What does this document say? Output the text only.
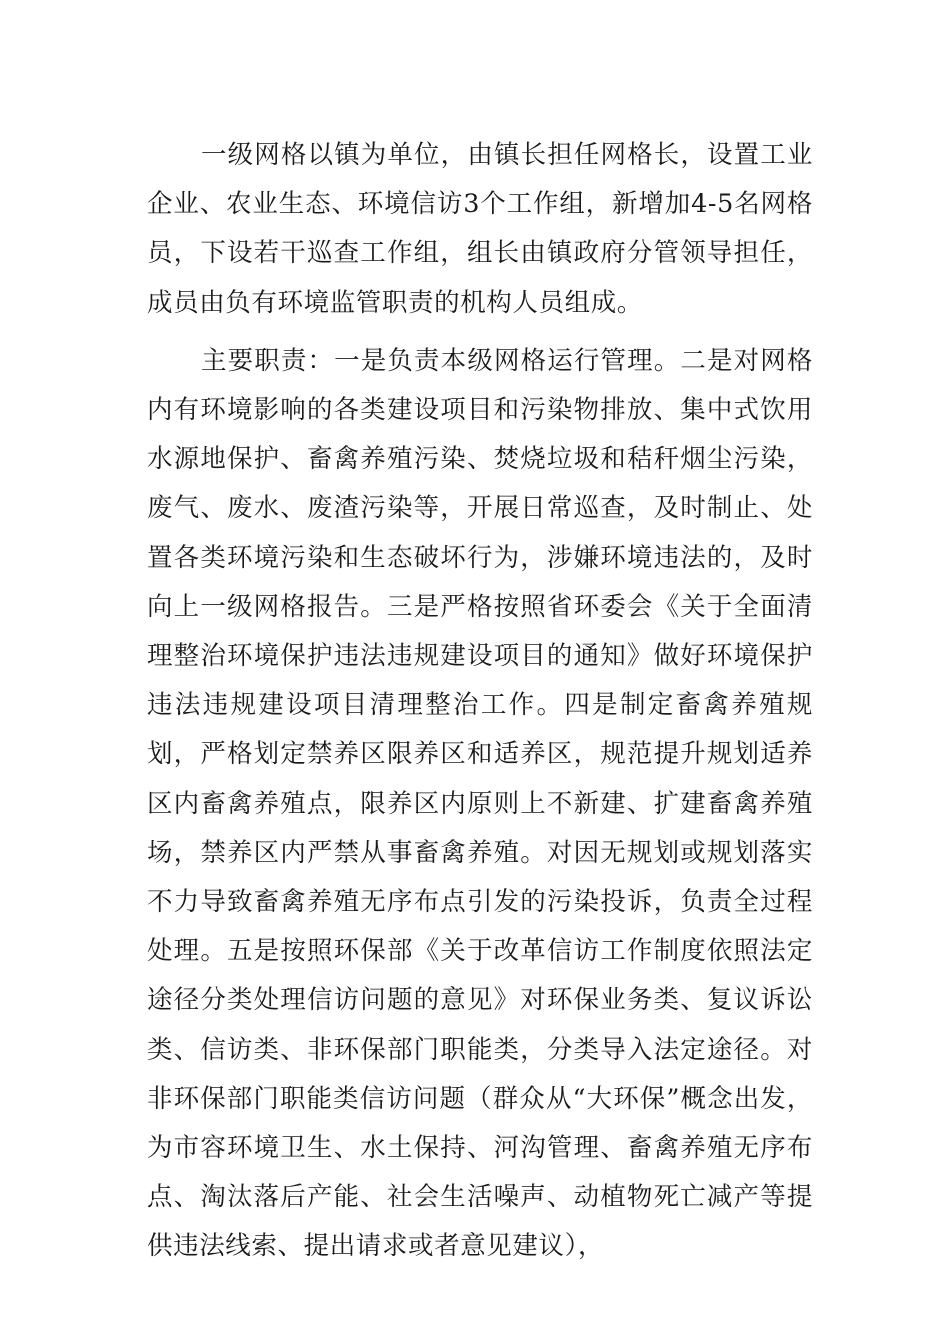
一级网格以镇为单位，由镇长担任网格长，设置工业企业、农业生态、环境信访3个工作组，新增加4-5名网格员，下设若干巡查工作组，组长由镇政府分管领导担任，成员由负有环境监管职责的机构人员组成。

主要职责：一是负责本级网格运行管理。二是对网格内有环境影响的各类建设项目和污染物排放、集中式饮用水源地保护、畜禽养殖污染、焚烧垃圾和秸秆烟尘污染，废气、废水、废渣污染等，开展日常巡查，及时制止、处置各类环境污染和生态破坏行为，涉嫌环境违法的，及时向上一级网格报告。三是严格按照省环委会《关于全面清理整治环境保护违法违规建设项目的通知》做好环境保护违法违规建设项目清理整治工作。四是制定畜禽养殖规划，严格划定禁养区限养区和适养区，规范提升规划适养区内畜禽养殖点，限养区内原则上不新建、扩建畜禽养殖场，禁养区内严禁从事畜禽养殖。对因无规划或规划落实不力导致畜禽养殖无序布点引发的污染投诉，负责全过程处理。五是按照环保部《关于改革信访工作制度依照法定途径分类处理信访问题的意见》对环保业务类、复议诉讼类、信访类、非环保部门职能类，分类导入法定途径。对非环保部门职能类信访问题（群众从“大环保”概念出发，为市容环境卫生、水土保持、河沟管理、畜禽养殖无序布点、淘汰落后产能、社会生活噪声、动植物死亡减产等提供违法线索、提出请求或者意见建议），
